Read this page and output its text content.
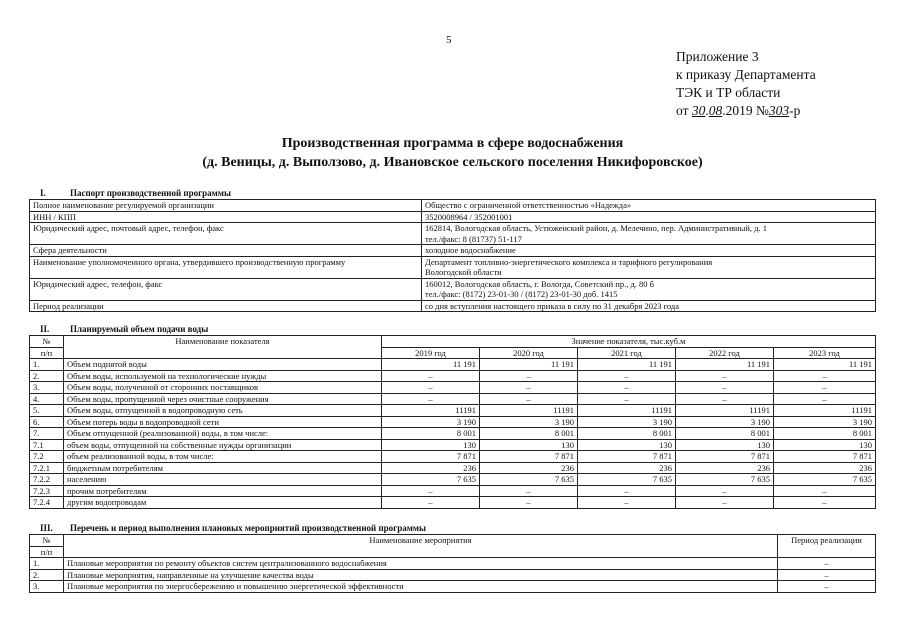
5
Приложение 3
к приказу Департамента
ТЭК и ТР области
от 30.08.2019 №303-р
Производственная программа в сфере водоснабжения
(д. Веницы, д. Выползово, д. Ивановское сельского поселения Никифоровское)
I.	Паспорт производственной программы
Полное наименование регулируемой организации	Общество с ограниченной ответственностью «Надежда»

ИНН / КПП	3520008964 / 352001001

Юридический адрес, почтовый адрес, телефон, факс	162814, Вологодская область, Устюженский район, д. Мелечино, пер. Административный, д. 1
тел./факс: 8 (81737) 51-117

Сфера деятельности	холодное водоснабжение

Наименование уполномоченного органа, утвердившего производственную программу	Департамент топливно-энергетического комплекса и тарифного регулирования
Вологодской области

Юридический адрес, телефон, факс	160012, Вологодская область, г. Вологда, Советский пр., д. 80 б
тел./факс: (8172) 23-01-30 / (8172) 23-01-30 доб. 1415

Период реализации	со дня вступления настоящего приказа в силу по 31 декабря 2023 года
II. Планируемый объем подачи воды
№	Наименование показателя	Значение показателя, тыс.куб.м				
п/п		2019 год	2020 год	2021 год	2022 год	2023 год
1.	Объем поднятой воды	11 191	11 191	11 191	11 191	11 191
2.	Объем воды, используемой на технологические нужды	–	–	–	–	–
3.	Объем воды, полученной от сторонних поставщиков	–	–	–	–	–
4.	Объем воды, пропущенной через очистные сооружения	–	–	–	–	–
5.	Объем воды, отпущенной в водопроводную сеть	11191	11191	11191	11191	11191
6.	Объем потерь воды в водопроводной сети	3 190	3 190	3 190	3 190	3 190
7.	Объем отпущенной (реализованной) воды, в том числе:	8 001	8 001	8 001	8 001	8 001
7.1	объем воды, отпущенной на собственные нужды организации	130	130	130	130	130
7.2	объем реализованной воды, в том числе:	7 871	7 871	7 871	7 871	7 871
7.2.1	бюджетным потребителям	236	236	236	236	236
7.2.2	населению	7 635	7 635	7 635	7 635	7 635
7.2.3	прочим потребителям	–	–	–	–	–
7.2.4	другим водопроводам	–	–	–	–	–
III. Перечень и период выполнения плановых мероприятий производственной программы
№	Наименование мероприятия	Период реализации
п/п		
1.	Плановые мероприятия по ремонту объектов систем централизованного водоснабжения	–
2.	Плановые мероприятия, направленные на улучшение качества воды	–
3.	Плановые мероприятия по энергосбережению и повышению энергетической эффективности	–
